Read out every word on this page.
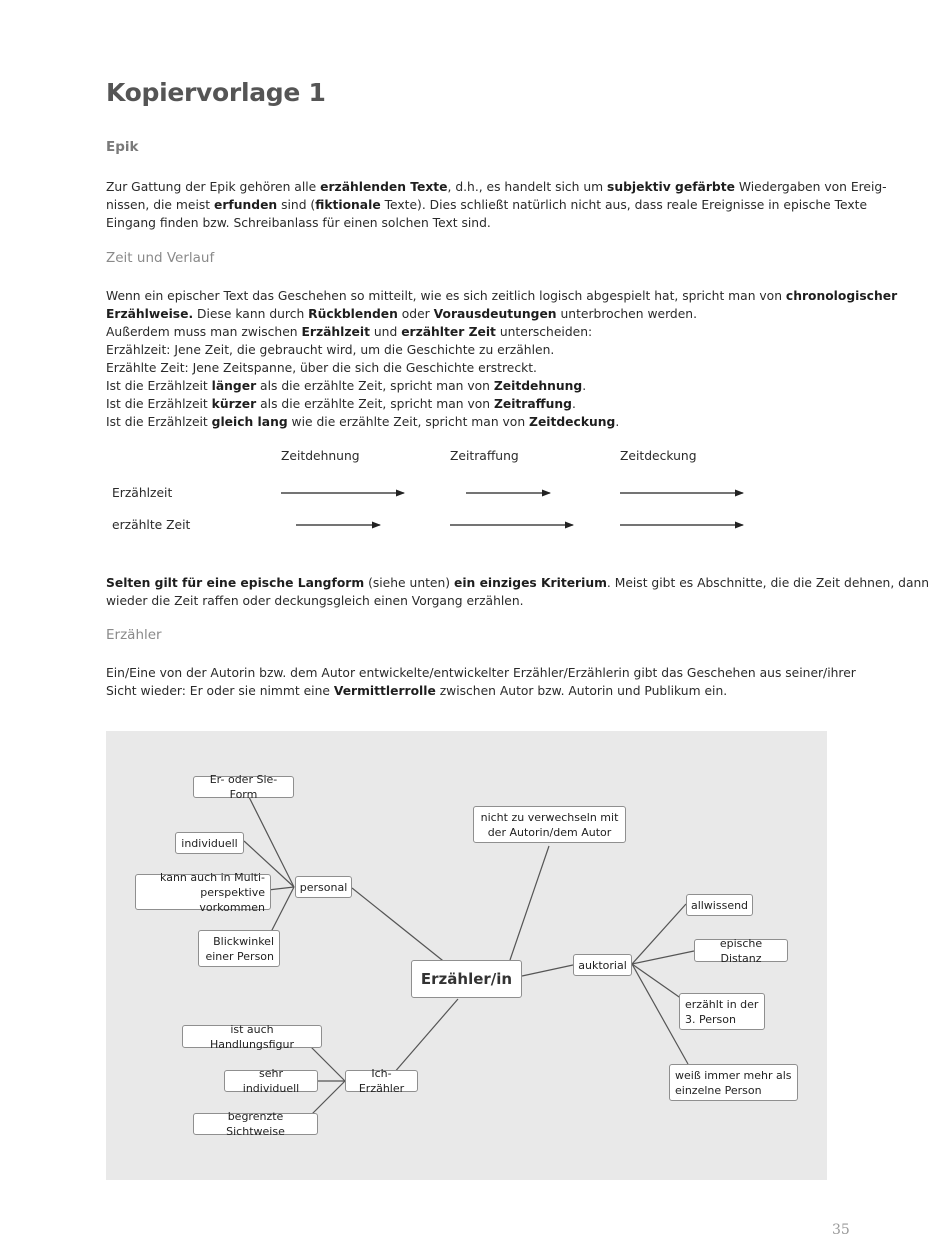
Kopiervorlage 1
Epik
Zur Gattung der Epik gehören alle erzählenden Texte, d.h., es handelt sich um subjektiv gefärbte Wiedergaben von Ereig-
nissen, die meist erfunden sind (fiktionale Texte). Dies schließt natürlich nicht aus, dass reale Ereignisse in epische Texte
Eingang finden bzw. Schreibanlass für einen solchen Text sind.
Zeit und Verlauf
Wenn ein epischer Text das Geschehen so mitteilt, wie es sich zeitlich logisch abgespielt hat, spricht man von chronologischer
Erzählweise. Diese kann durch Rückblenden oder Vorausdeutungen unterbrochen werden.
Außerdem muss man zwischen Erzählzeit und erzählter Zeit unterscheiden:
Erzählzeit: Jene Zeit, die gebraucht wird, um die Geschichte zu erzählen.
Erzählte Zeit: Jene Zeitspanne, über die sich die Geschichte erstreckt.
Ist die Erzählzeit länger als die erzählte Zeit, spricht man von Zeitdehnung.
Ist die Erzählzeit kürzer als die erzählte Zeit, spricht man von Zeitraffung.
Ist die Erzählzeit gleich lang wie die erzählte Zeit, spricht man von Zeitdeckung.
Zeitdehnung	Zeitraffung	Zeitdeckung
Erzählzeit
erzählte Zeit
Selten gilt für eine epische Langform (siehe unten) ein einziges Kriterium. Meist gibt es Abschnitte, die die Zeit dehnen, dann
wieder die Zeit raffen oder deckungsgleich einen Vorgang erzählen.
Erzähler
Ein/Eine von der Autorin bzw. dem Autor entwickelte/entwickelter Erzähler/Erzählerin gibt das Geschehen aus seiner/ihrer
Sicht wieder: Er oder sie nimmt eine Vermittlerrolle zwischen Autor bzw. Autorin und Publikum ein.
Erzähler/in
nicht zu verwechseln mit
der Autorin/dem Autor
personal
Er- oder Sie-Form
individuell
kann auch in Multi-
perspektive vorkommen
Blickwinkel
einer Person
auktorial
allwissend
epische Distanz
erzählt in der
3. Person
weiß immer mehr als
einzelne Person
Ich-Erzähler
ist auch Handlungsfigur
sehr individuell
begrenzte Sichtweise
35
